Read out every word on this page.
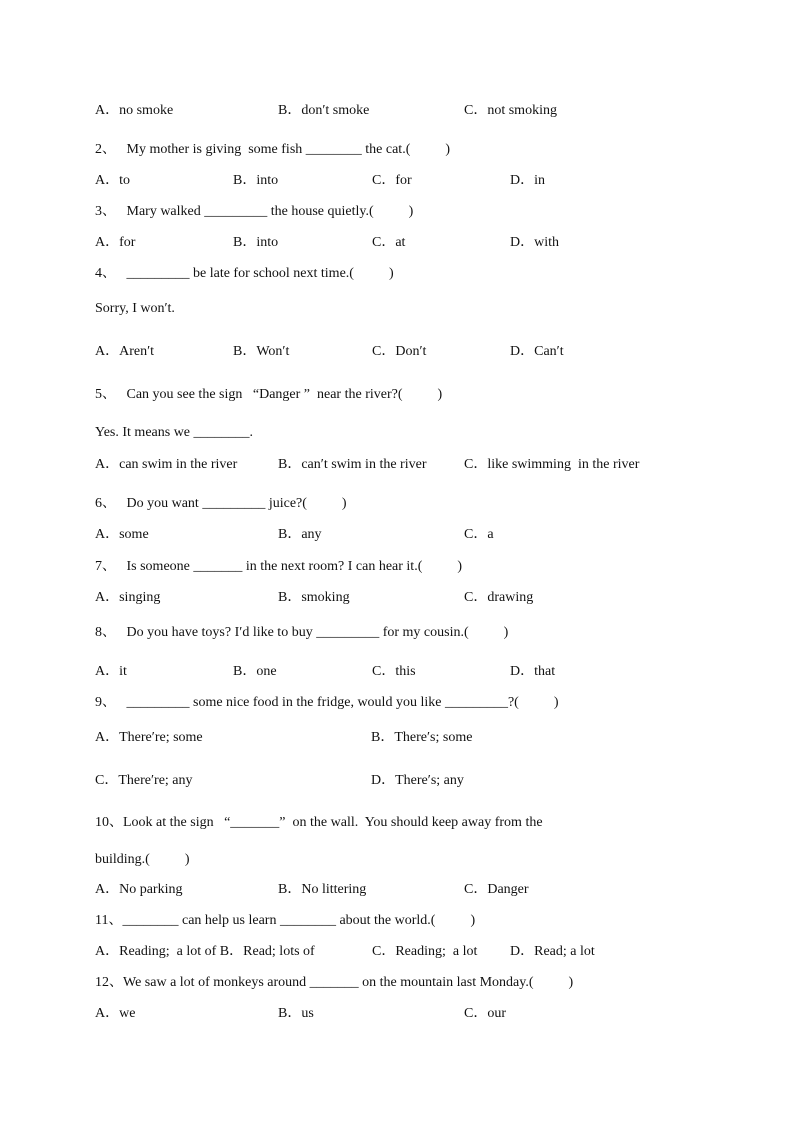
A．no smoke	B．don′t smoke	C．not smoking
2、   My mother is giving  some fish ________ the cat.(          )
A．to	B．into	C．for	D．in
3、   Mary walked _________ the house quietly.(          )
A．for	B．into	C．at	D．with
4、   _________ be late for school next time.(          )
Sorry, I won′t.
A．Aren′t	B．Won′t	C．Don′t	D．Can′t
5、   Can you see the sign   “Danger ”  near the river?(          )
Yes. It means we ________.
A．can swim in the river	B．can′t swim in the river	C．like swimming  in the river
6、   Do you want _________ juice?(          )
A．some	B．any	C．a
7、   Is someone _______ in the next room? I can hear it.(          )
A．singing	B．smoking	C．drawing
8、   Do you have toys? I′d like to buy _________ for my cousin.(          )
A．it	B．one	C．this	D．that
9、   _________ some nice food in the fridge, would you like _________?(          )
A．There′re; some	B．There′s; some
C．There′re; any	D．There′s; any
10、Look at the sign   “_______”  on the wall.  You should keep away from the
building.(          )
A．No parking	B．No littering	C．Danger
11、________ can help us learn ________ about the world.(          )
A．Reading;  a lot of B．Read; lots of	C．Reading;  a lot D．Read; a lot
12、We saw a lot of monkeys around _______ on the mountain last Monday.(          )
A．we	B．us	C．our
